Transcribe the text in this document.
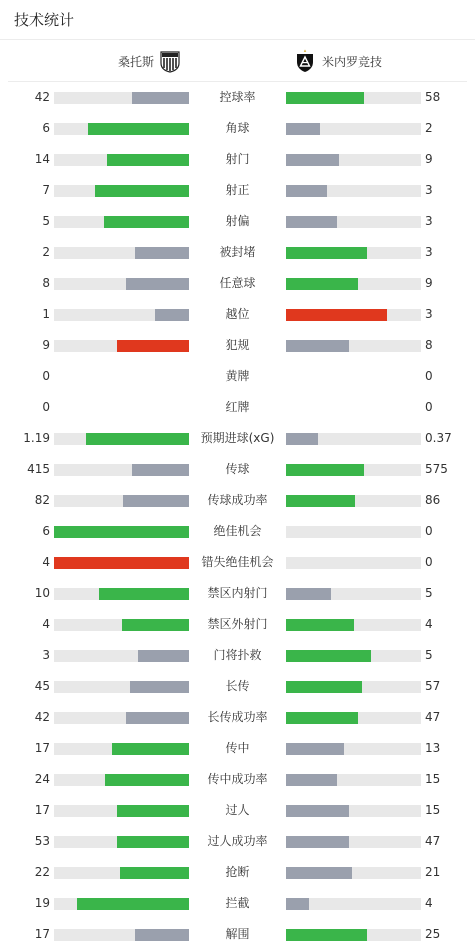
技术统计
桑托斯	米内罗竞技
42	控球率	58
6	角球	2
14	射门	9
7	射正	3
5	射偏	3
2	被封堵	3
8	任意球	9
1	越位	3
9	犯规	8
0	黄牌	0
0	红牌	0
1.19	预期进球(xG)	0.37
415	传球	575
82	传球成功率	86
6	绝佳机会	0
4	错失绝佳机会	0
10	禁区内射门	5
4	禁区外射门	4
3	门将扑救	5
45	长传	57
42	长传成功率	47
17	传中	13
24	传中成功率	15
17	过人	15
53	过人成功率	47
22	抢断	21
19	拦截	4
17	解围	25
